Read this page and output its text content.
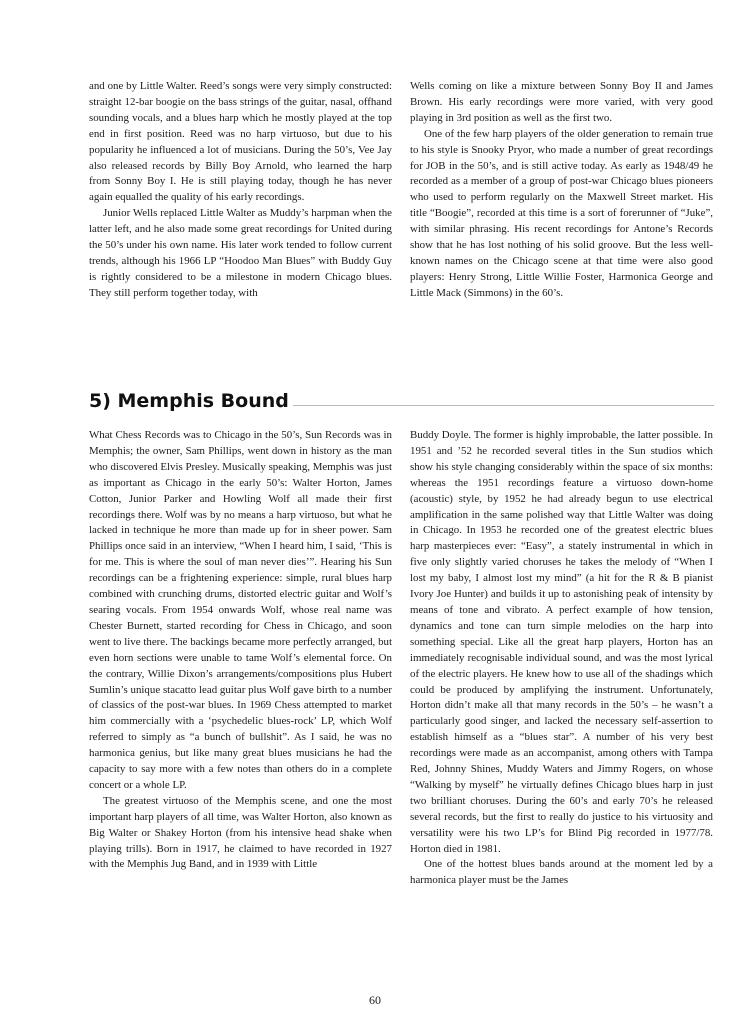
and one by Little Walter. Reed’s songs were very simply constructed: straight 12-bar boogie on the bass strings of the guitar, nasal, offhand sounding vocals, and a blues harp which he mostly played at the top end in first position. Reed was no harp virtuoso, but due to his popularity he influenced a lot of musicians. During the 50’s, Vee Jay also released records by Billy Boy Arnold, who learned the harp from Sonny Boy I. He is still playing today, though he has never again equalled the quality of his early recordings.

Junior Wells replaced Little Walter as Muddy’s harpman when the latter left, and he also made some great recordings for United during the 50’s under his own name. His later work tended to follow current trends, although his 1966 LP “Hoodoo Man Blues” with Buddy Guy is rightly considered to be a milestone in modern Chicago blues. They still perform together today, with

Wells coming on like a mixture between Sonny Boy II and James Brown. His early recordings were more varied, with very good playing in 3rd position as well as the first two.

One of the few harp players of the older generation to remain true to his style is Snooky Pryor, who made a number of great recordings for JOB in the 50’s, and is still active today. As early as 1948/49 he recorded as a member of a group of post-war Chicago blues pioneers who used to perform regularly on the Maxwell Street market. His title “Boogie”, recorded at this time is a sort of forerunner of “Juke”, with similar phrasing. His recent recordings for Antone’s Records show that he has lost nothing of his solid groove. But the less well-known names on the Chicago scene at that time were also good players: Henry Strong, Little Willie Foster, Harmonica George and Little Mack (Simmons) in the 60’s.

5) Memphis Bound

What Chess Records was to Chicago in the 50’s, Sun Records was in Memphis; the owner, Sam Phillips, went down in history as the man who discovered Elvis Presley. Musically speaking, Memphis was just as important as Chicago in the early 50’s: Walter Horton, James Cotton, Junior Parker and Howling Wolf all made their first recordings there. Wolf was by no means a harp virtuoso, but what he lacked in technique he more than made up for in sheer power. Sam Phillips once said in an interview, “When I heard him, I said, ‘This is for me. This is where the soul of man never dies’”. Hearing his Sun recordings can be a frightening experience: simple, rural blues harp combined with crunching drums, distorted electric guitar and Wolf’s searing vocals. From 1954 onwards Wolf, whose real name was Chester Burnett, started recording for Chess in Chicago, and soon went to live there. The backings became more perfectly arranged, but even horn sections were unable to tame Wolf’s elemental force. On the contrary, Willie Dixon’s arrangements/compositions plus Hubert Sumlin’s unique stacatto lead guitar plus Wolf gave birth to a number of classics of the post-war blues. In 1969 Chess attempted to market him commercially with a ‘psychedelic blues-rock’ LP, which Wolf referred to simply as “a bunch of bullshit”. As I said, he was no harmonica genius, but like many great blues musicians he had the capacity to say more with a few notes than others do in a complete concert or a whole LP.

The greatest virtuoso of the Memphis scene, and one the most important harp players of all time, was Walter Horton, also known as Big Walter or Shakey Horton (from his intensive head shake when playing trills). Born in 1917, he claimed to have recorded in 1927 with the Memphis Jug Band, and in 1939 with Little

Buddy Doyle. The former is highly improbable, the latter possible. In 1951 and ’52 he recorded several titles in the Sun studios which show his style changing considerably within the space of six months: whereas the 1951 recordings feature a virtuoso down-home (acoustic) style, by 1952 he had already begun to use electrical amplification in the same polished way that Little Walter was doing in Chicago. In 1953 he recorded one of the greatest electric blues harp masterpieces ever: “Easy”, a stately instrumental in which in five only slightly varied choruses he takes the melody of “When I lost my baby, I almost lost my mind” (a hit for the R & B pianist Ivory Joe Hunter) and builds it up to astonishing peak of intensity by means of tone and vibrato. A perfect example of how tension, dynamics and tone can turn simple melodies on the harp into something special. Like all the great harp players, Horton has an immediately recognisable individual sound, and was the most lyrical of the electric players. He knew how to use all of the shadings which could be produced by amplifying the instrument. Unfortunately, Horton didn’t make all that many records in the 50’s – he wasn’t a particularly good singer, and lacked the necessary self-assertion to establish himself as a “blues star”. A number of his very best recordings were made as an accompanist, among others with Tampa Red, Johnny Shines, Muddy Waters and Jimmy Rogers, on whose “Walking by myself” he virtually defines Chicago blues harp in just two brilliant choruses. During the 60’s and early 70’s he released several records, but the first to really do justice to his virtuosity and versatility were his two LP’s for Blind Pig recorded in 1977/78. Horton died in 1981.

One of the hottest blues bands around at the moment led by a harmonica player must be the James

60
